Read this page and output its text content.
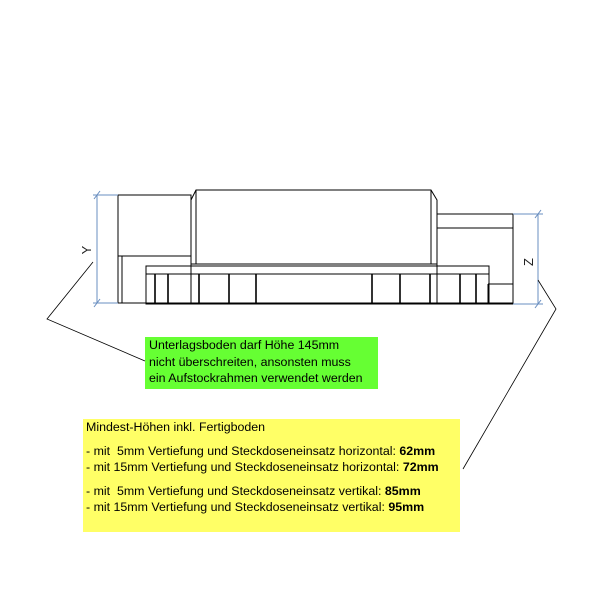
Y
Z
Unterlagsboden darf Höhe 145mm
nicht überschreiten, ansonsten muss
ein Aufstockrahmen verwendet werden
Mindest-Höhen inkl. Fertigboden
- mit  5mm Vertiefung und Steckdoseneinsatz horizontal: 62mm
- mit 15mm Vertiefung und Steckdoseneinsatz horizontal: 72mm
- mit  5mm Vertiefung und Steckdoseneinsatz vertikal: 85mm
- mit 15mm Vertiefung und Steckdoseneinsatz vertikal: 95mm
